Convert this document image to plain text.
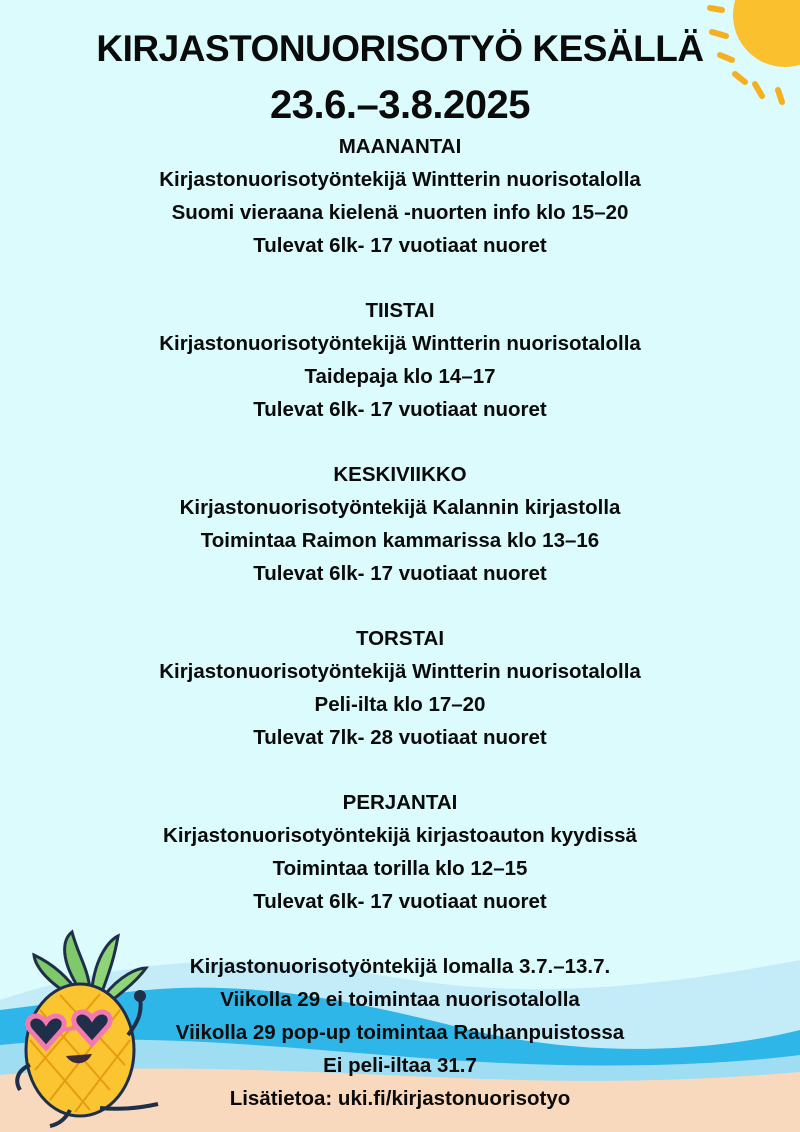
KIRJASTONUORISOTYÖ KESÄLLÄ
23.6.–3.8.2025
MAANANTAI
Kirjastonuorisotyöntekijä Wintterin nuorisotalolla
Suomi vieraana kielenä -nuorten info klo 15–20
Tulevat 6lk- 17 vuotiaat nuoret
TIISTAI
Kirjastonuorisotyöntekijä Wintterin nuorisotalolla
Taidepaja klo 14–17
Tulevat 6lk- 17 vuotiaat nuoret
KESKIVIIKKO
Kirjastonuorisotyöntekijä Kalannin kirjastolla
Toimintaa Raimon kammarissa klo 13–16
Tulevat 6lk- 17 vuotiaat nuoret
TORSTAI
Kirjastonuorisotyöntekijä Wintterin nuorisotalolla
Peli-ilta klo 17–20
Tulevat 7lk- 28 vuotiaat nuoret
PERJANTAI
Kirjastonuorisotyöntekijä kirjastoauton kyydissä
Toimintaa torilla klo 12–15
Tulevat 6lk- 17 vuotiaat nuoret
Kirjastonuorisotyöntekijä lomalla 3.7.–13.7.
Viikolla 29 ei toimintaa nuorisotalolla
Viikolla 29 pop-up toimintaa Rauhanpuistossa
Ei peli-iltaa 31.7
Lisätietoa: uki.fi/kirjastonuorisotyo
